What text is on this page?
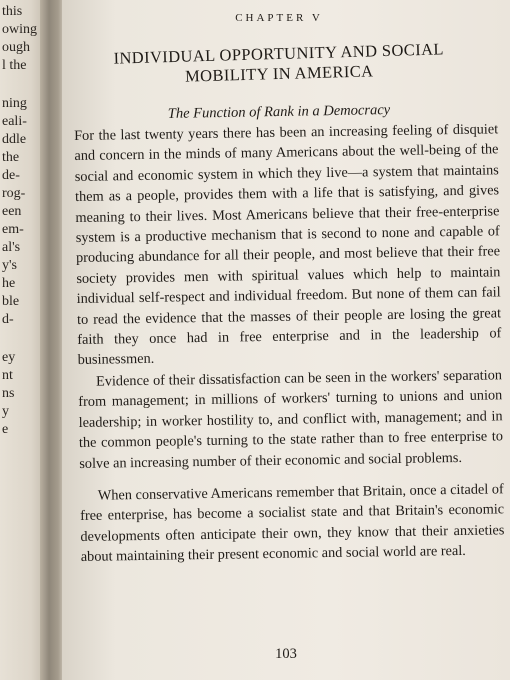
this
owing
ough
l the
ning
eali-
ddle
the
de-
rog-
een
em-
al's
y's
he
ble
d-
ey
nt
ns
y
e
CHAPTER V
INDIVIDUAL OPPORTUNITY AND SOCIAL
MOBILITY IN AMERICA
The Function of Rank in a Democracy

For the last twenty years there has been an increasing feeling of disquiet and concern in the minds of many Americans about the well-being of the social and economic system in which they live—a system that maintains them as a people, provides them with a life that is satisfying, and gives meaning to their lives. Most Americans believe that their free-enterprise system is a productive mechanism that is second to none and capable of producing abundance for all their people, and most believe that their free society provides men with spiritual values which help to maintain individual self-respect and individual freedom. But none of them can fail to read the evidence that the masses of their people are losing the great faith they once had in free enterprise and in the leadership of businessmen.

Evidence of their dissatisfaction can be seen in the workers' separation from management; in millions of workers' turning to unions and union leadership; in worker hostility to, and conflict with, management; and in the common people's turning to the state rather than to free enterprise to solve an increasing number of their economic and social problems.

When conservative Americans remember that Britain, once a citadel of free enterprise, has become a socialist state and that Britain's economic developments often anticipate their own, they know that their anxieties about maintaining their present economic and social world are real.

103
